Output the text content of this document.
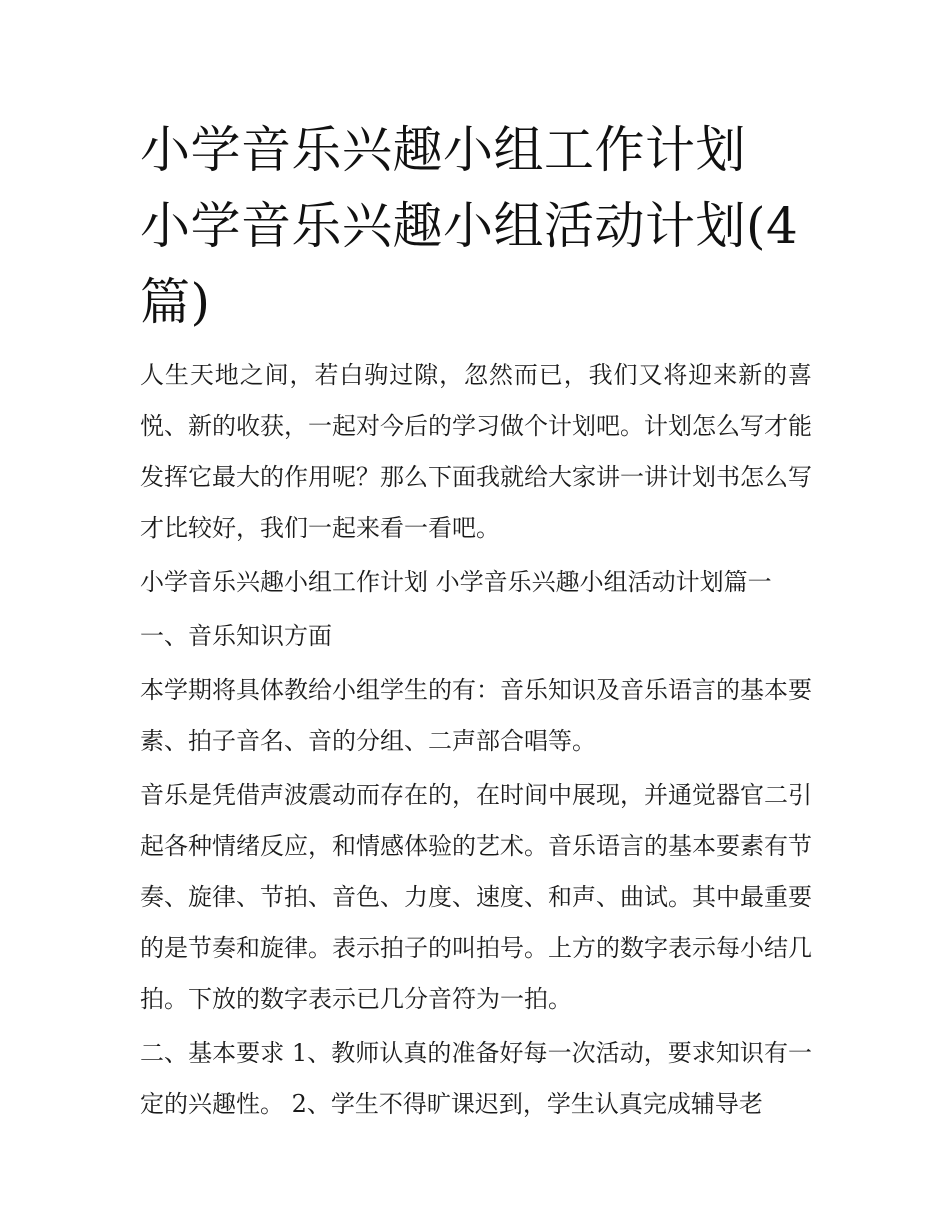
小学音乐兴趣小组工作计划 小学音乐兴趣小组活动计划(4篇)

人生天地之间，若白驹过隙，忽然而已，我们又将迎来新的喜悦、新的收获，一起对今后的学习做个计划吧。计划怎么写才能发挥它最大的作用呢？那么下面我就给大家讲一讲计划书怎么写才比较好，我们一起来看一看吧。

小学音乐兴趣小组工作计划 小学音乐兴趣小组活动计划篇一

一、音乐知识方面

本学期将具体教给小组学生的有：音乐知识及音乐语言的基本要素、拍子音名、音的分组、二声部合唱等。

音乐是凭借声波震动而存在的，在时间中展现，并通觉器官二引起各种情绪反应，和情感体验的艺术。音乐语言的基本要素有节奏、旋律、节拍、音色、力度、速度、和声、曲试。其中最重要的是节奏和旋律。表示拍子的叫拍号。上方的数字表示每小结几拍。下放的数字表示已几分音符为一拍。

二、基本要求 1、教师认真的准备好每一次活动，要求知识有一定的兴趣性。 2、学生不得旷课迟到，学生认真完成辅导老
